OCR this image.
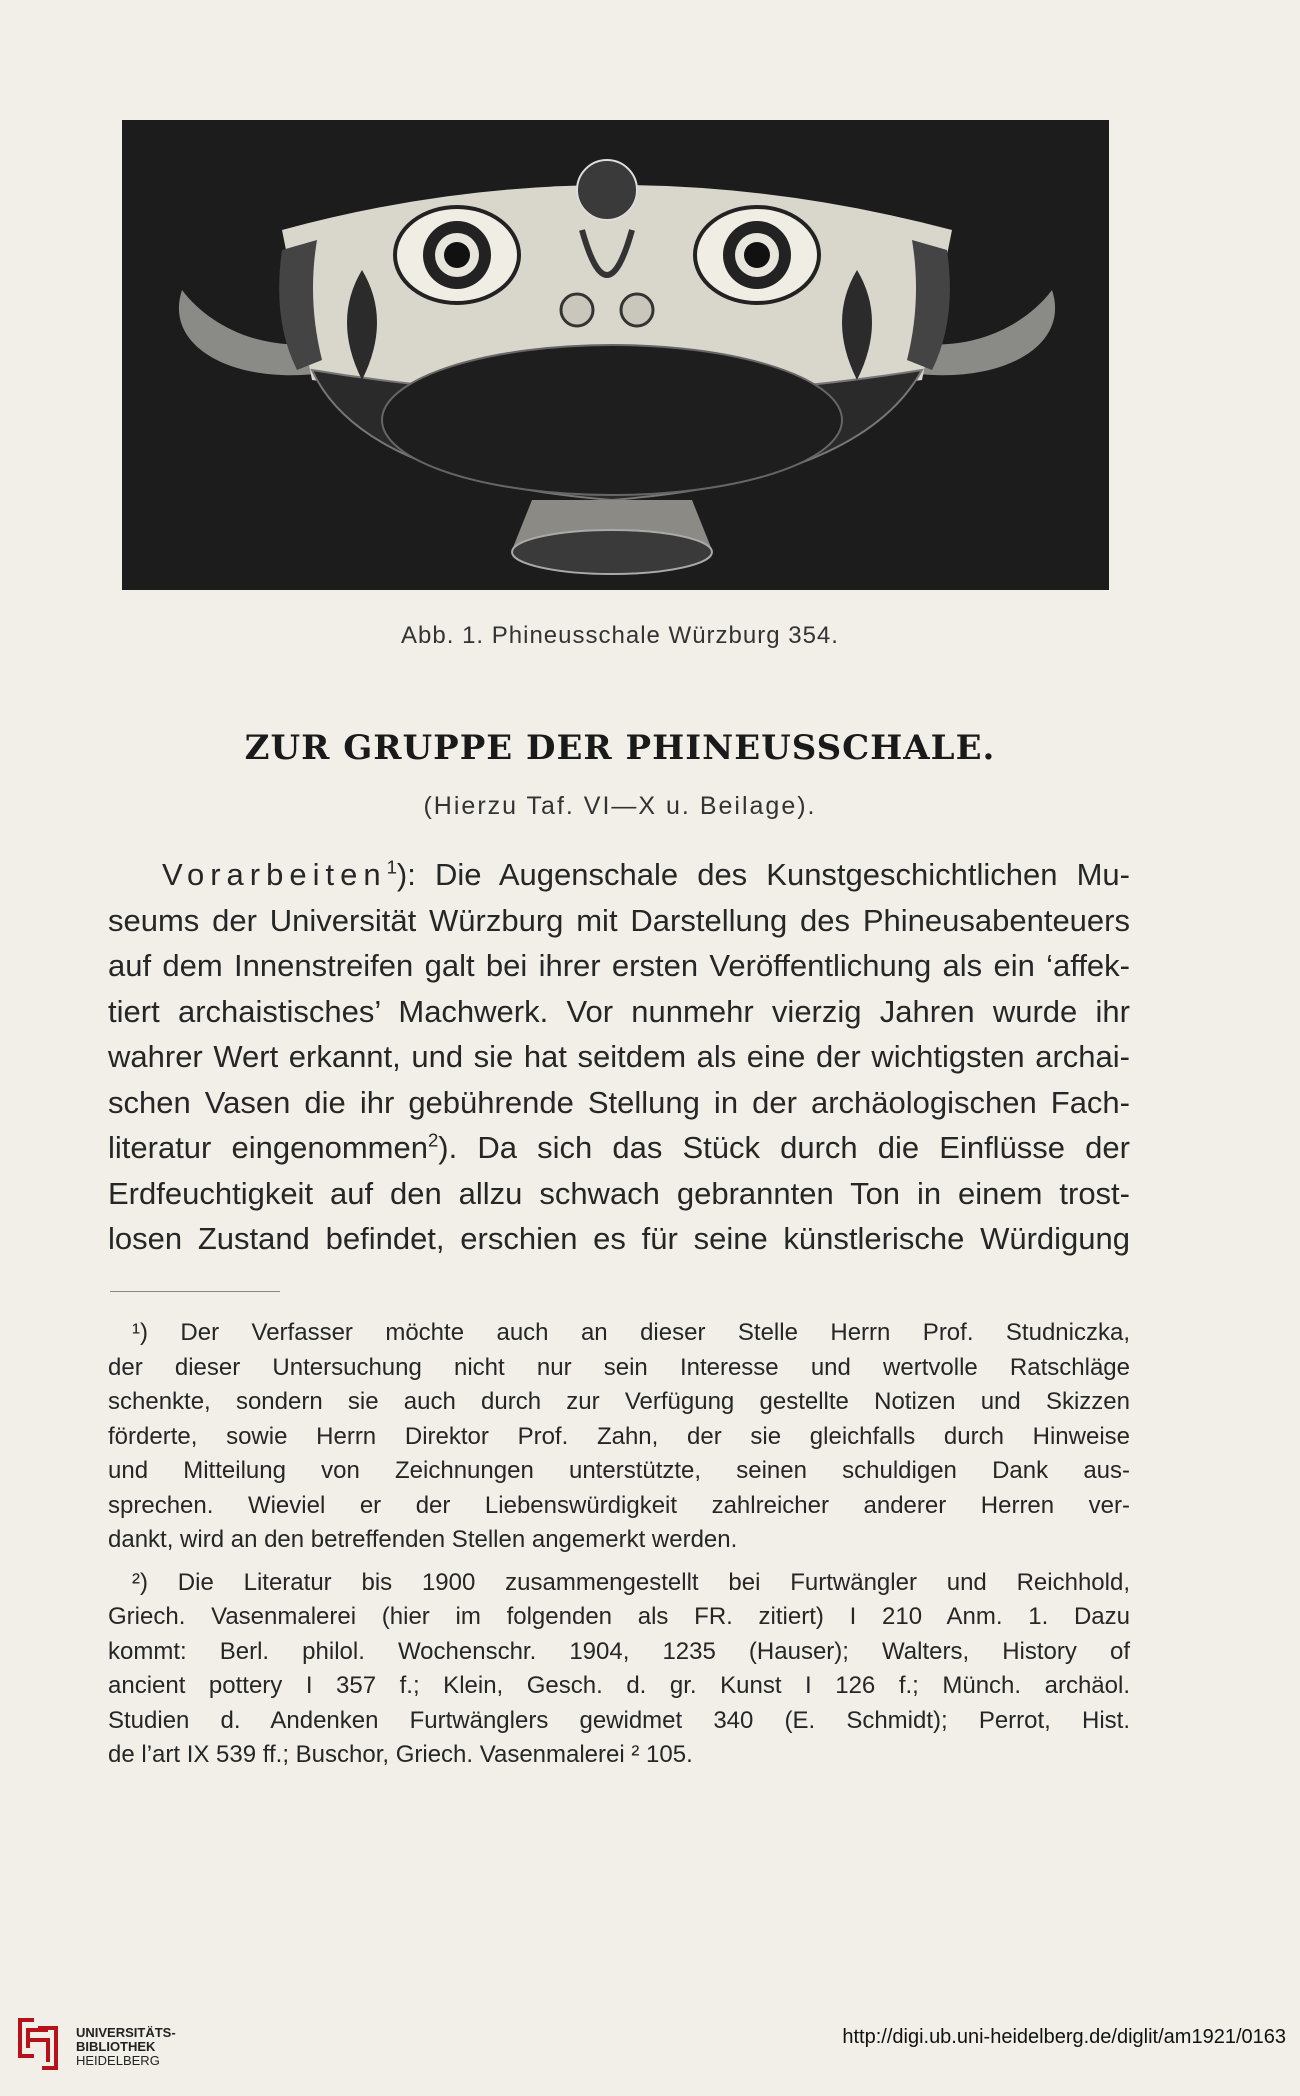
Abb. 1. Phineusschale Würzburg 354.
ZUR GRUPPE DER PHINEUSSCHALE.
(Hierzu Taf. VI—X u. Beilage).
Vorarbeiten$^1$): Die Augenschale des Kunstgeschichtlichen Mu-
seums der Universität Würzburg mit Darstellung des Phineusabenteuers
auf dem Innenstreifen galt bei ihrer ersten Veröffentlichung als ein ‘affek-
tiert archaistisches’ Machwerk. Vor nunmehr vierzig Jahren wurde ihr
wahrer Wert erkannt, und sie hat seitdem als eine der wichtigsten archai-
schen Vasen die ihr gebührende Stellung in der archäologischen Fach-
literatur eingenommen$^2$). Da sich das Stück durch die Einflüsse der
Erdfeuchtigkeit auf den allzu schwach gebrannten Ton in einem trost-
losen Zustand befindet, erschien es für seine künstlerische Würdigung
¹) Der Verfasser möchte auch an dieser Stelle Herrn Prof. Studniczka,
der dieser Untersuchung nicht nur sein Interesse und wertvolle Ratschläge
schenkte, sondern sie auch durch zur Verfügung gestellte Notizen und Skizzen
förderte, sowie Herrn Direktor Prof. Zahn, der sie gleichfalls durch Hinweise
und Mitteilung von Zeichnungen unterstützte, seinen schuldigen Dank aus-
sprechen. Wieviel er der Liebenswürdigkeit zahlreicher anderer Herren ver-
dankt, wird an den betreffenden Stellen angemerkt werden.
²) Die Literatur bis 1900 zusammengestellt bei Furtwängler und Reichhold,
Griech. Vasenmalerei (hier im folgenden als FR. zitiert) I 210 Anm. 1. Dazu
kommt: Berl. philol. Wochenschr. 1904, 1235 (Hauser); Walters, History of
ancient pottery I 357 f.; Klein, Gesch. d. gr. Kunst I 126 f.; Münch. archäol.
Studien d. Andenken Furtwänglers gewidmet 340 (E. Schmidt); Perrot, Hist.
de l’art IX 539 ff.; Buschor, Griech. Vasenmalerei ² 105.
UNIVERSITÄTS-
BIBLIOTHEK
HEIDELBERG
http://digi.ub.uni-heidelberg.de/diglit/am1921/0163
